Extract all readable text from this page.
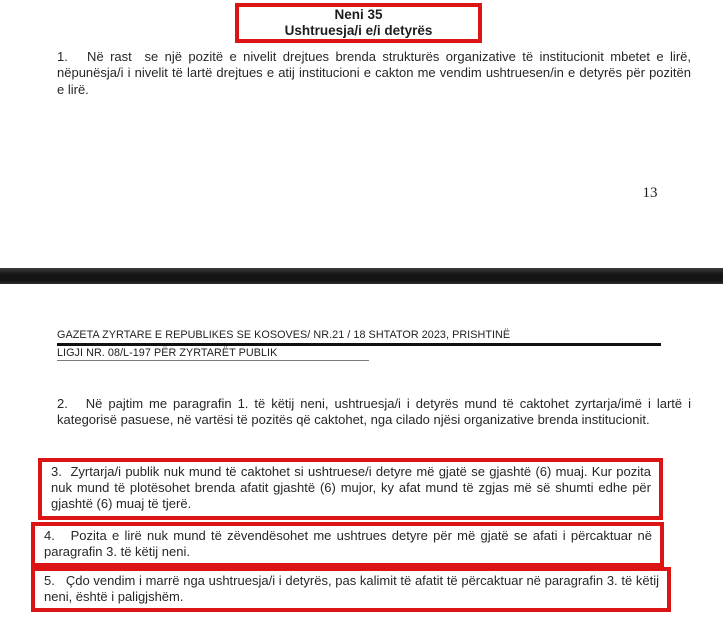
Neni 35
Ushtruesja/i e/i detyrës

1.   Në rast  se një pozitë e nivelit drejtues brenda strukturës organizative të institucionit mbetet e lirë, nëpunësja/i i nivelit të lartë drejtues e atij institucioni e cakton me vendim ushtruesen/in e detyrës për pozitën e lirë.

13
GAZETA ZYRTARE E REPUBLIKES SE KOSOVES/ NR.21 / 18 SHTATOR 2023, PRISHTINË
LIGJI NR. 08/L-197 PËR ZYRTARËT PUBLIK

2.   Në pajtim me paragrafin 1. të këtij neni, ushtruesja/i i detyrës mund të caktohet zyrtarja/imë i lartë i kategorisë pasuese, në vartësi të pozitës që caktohet, nga cilado njësi organizative brenda institucionit.

3.  Zyrtarja/i publik nuk mund të caktohet si ushtruese/i detyre më gjatë se gjashtë (6) muaj. Kur pozita nuk mund të plotësohet brenda afatit gjashtë (6) mujor, ky afat mund të zgjas më së shumti edhe për gjashtë (6) muaj të tjerë.

4.   Pozita e lirë nuk mund të zëvendësohet me ushtrues detyre për më gjatë se afati i përcaktuar në paragrafin 3. të këtij neni.

5.   Çdo vendim i marrë nga ushtruesja/i i detyrës, pas kalimit të afatit të përcaktuar në paragrafin 3. të këtij neni, është i paligjshëm.
